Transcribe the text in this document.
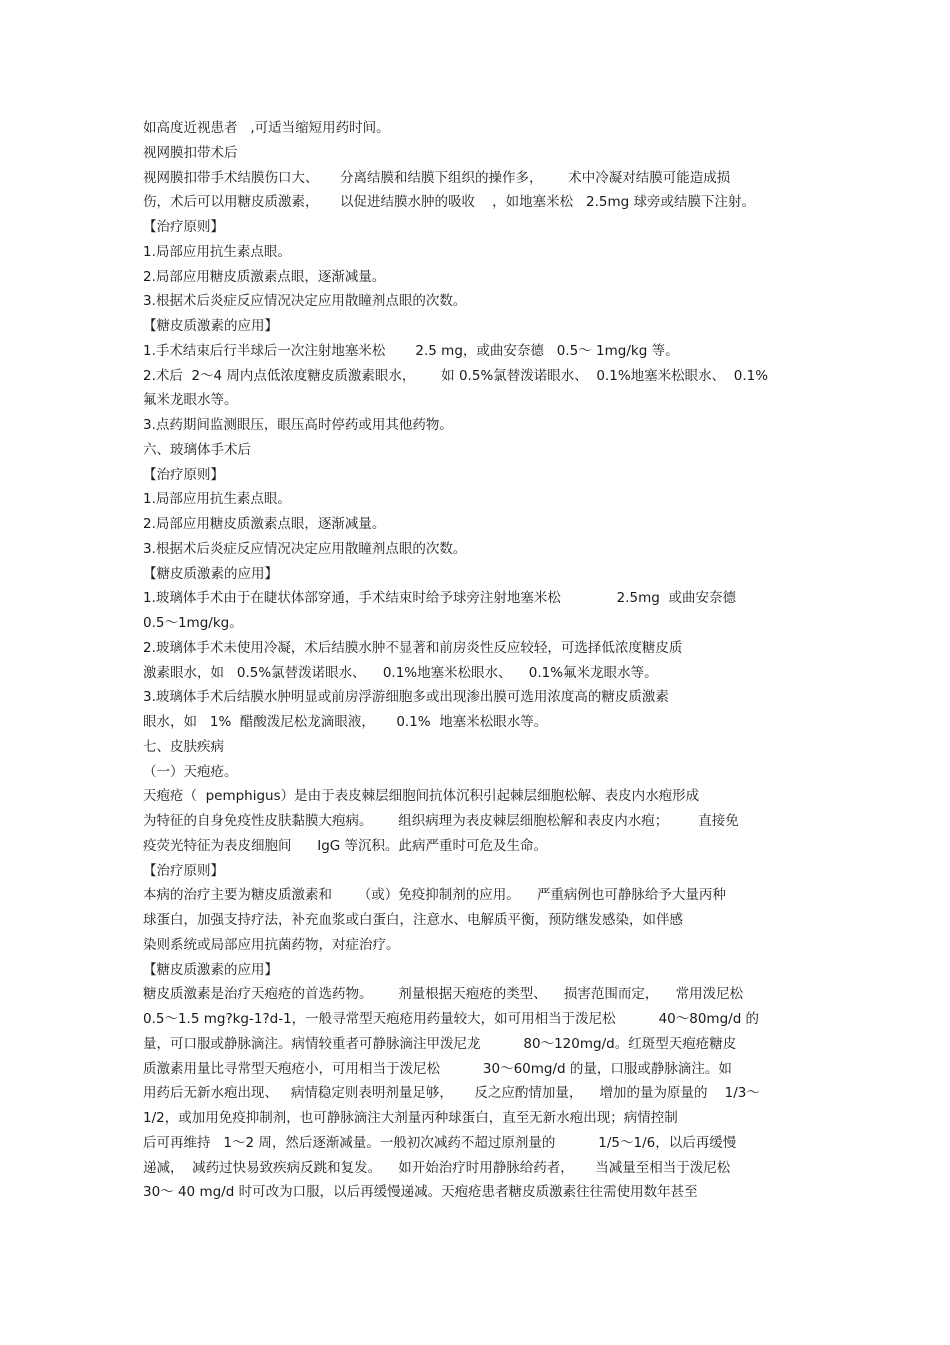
如高度近视患者   ,可适当缩短用药时间。
视网膜扣带术后
视网膜扣带手术结膜伤口大、     分离结膜和结膜下组织的操作多，      术中冷凝对结膜可能造成损
伤，术后可以用糖皮质激素，     以促进结膜水肿的吸收    ，如地塞米松   2.5mg 球旁或结膜下注射。
【治疗原则】
1.局部应用抗生素点眼。
2.局部应用糖皮质激素点眼，逐渐减量。
3.根据术后炎症反应情况决定应用散瞳剂点眼的次数。
【糖皮质激素的应用】
1.手术结束后行半球后一次注射地塞米松       2.5 mg，或曲安奈德   0.5～ 1mg/kg 等。
2.术后  2～4 周内点低浓度糖皮质激素眼水，      如 0.5%氯替泼诺眼水、  0.1%地塞米松眼水、  0.1%
氟米龙眼水等。
3.点药期间监测眼压，眼压高时停药或用其他药物。
六、玻璃体手术后
【治疗原则】
1.局部应用抗生素点眼。
2.局部应用糖皮质激素点眼，逐渐减量。
3.根据术后炎症反应情况决定应用散瞳剂点眼的次数。
【糖皮质激素的应用】
1.玻璃体手术由于在睫状体部穿通，手术结束时给予球旁注射地塞米松             2.5mg  或曲安奈德
0.5～1mg/kg。
2.玻璃体手术未使用冷凝，术后结膜水肿不显著和前房炎性反应较轻，可选择低浓度糖皮质
激素眼水，如   0.5%氯替泼诺眼水、    0.1%地塞米松眼水、    0.1%氟米龙眼水等。
3.玻璃体手术后结膜水肿明显或前房浮游细胞多或出现渗出膜可选用浓度高的糖皮质激素
眼水，如   1%  醋酸泼尼松龙滴眼液，     0.1%  地塞米松眼水等。
七、皮肤疾病
（一）天疱疮。
天疱疮（  pemphigus）是由于表皮棘层细胞间抗体沉积引起棘层细胞松解、表皮内水疱形成
为特征的自身免疫性皮肤黏膜大疱病。      组织病理为表皮棘层细胞松解和表皮内水疱；       直接免
疫荧光特征为表皮细胞间      IgG 等沉积。此病严重时可危及生命。
【治疗原则】
本病的治疗主要为糖皮质激素和      （或）免疫抑制剂的应用。    严重病例也可静脉给予大量丙种
球蛋白，加强支持疗法，补充血浆或白蛋白，注意水、电解质平衡，预防继发感染，如伴感
染则系统或局部应用抗菌药物，对症治疗。
【糖皮质激素的应用】
糖皮质激素是治疗天疱疮的首选药物。      剂量根据天疱疮的类型、    损害范围而定，    常用泼尼松
0.5～1.5 mg?kg-1?d-1，一般寻常型天疱疮用药量较大，如可用相当于泼尼松          40～80mg/d 的
量，可口服或静脉滴注。病情较重者可静脉滴注甲泼尼龙          80～120mg/d。红斑型天疱疮糖皮
质激素用量比寻常型天疱疮小，可用相当于泼尼松          30～60mg/d 的量，口服或静脉滴注。如
用药后无新水疱出现、   病情稳定则表明剂量足够，     反之应酌情加量，    增加的量为原量的    1/3～
1/2，或加用免疫抑制剂，也可静脉滴注大剂量丙种球蛋白，直至无新水疱出现；病情控制
后可再维持   1～2 周，然后逐渐减量。一般初次减药不超过原剂量的          1/5～1/6，以后再缓慢
递减，  减药过快易致疾病反跳和复发。    如开始治疗时用静脉给药者，     当减量至相当于泼尼松
30～ 40 mg/d 时可改为口服，以后再缓慢递减。天疱疮患者糖皮质激素往往需使用数年甚至
